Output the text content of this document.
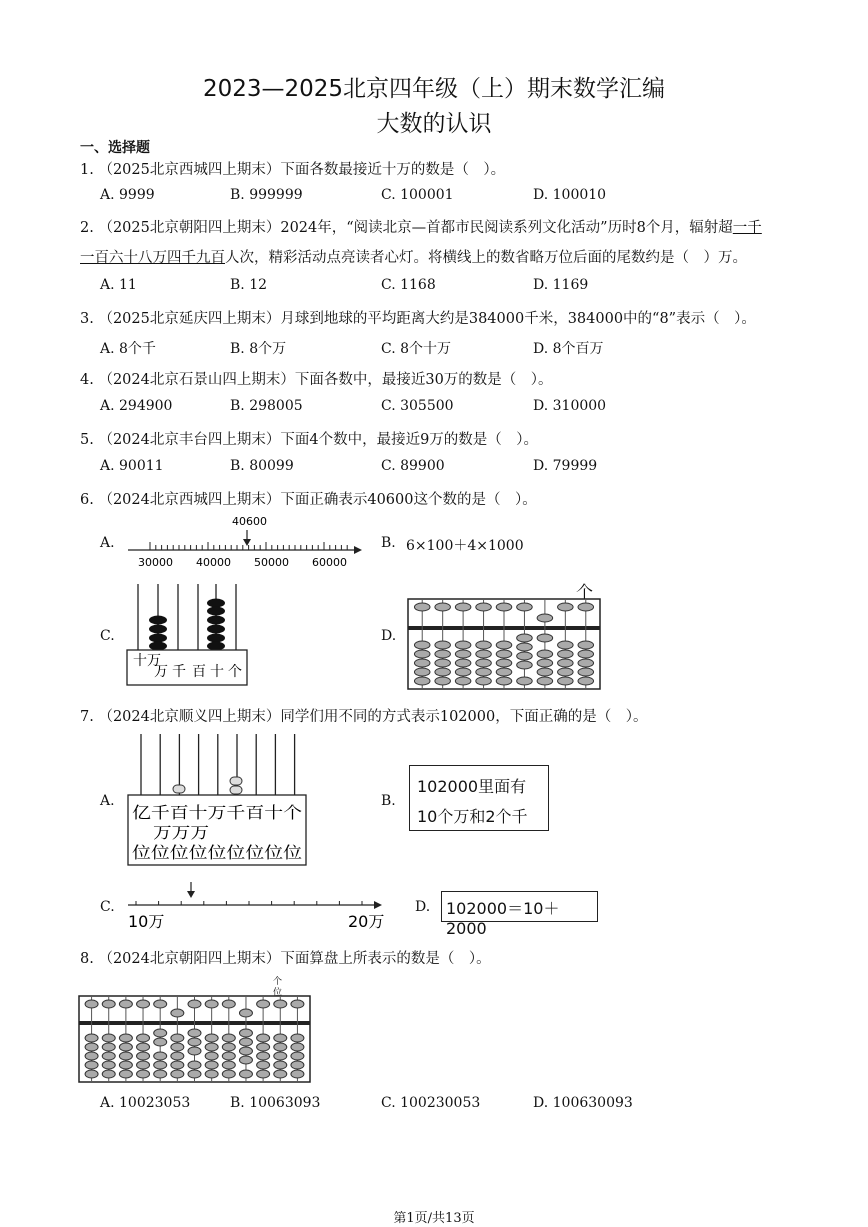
2023—2025北京四年级（上）期末数学汇编
大数的认识
一、选择题
1. （2025北京西城四上期末）下面各数最接近十万的数是（　）。
A. 9999	B. 999999	C. 100001	D. 100010
2. （2025北京朝阳四上期末）2024年，“阅读北京—首都市民阅读系列文化活动”历时8个月，辐射超一千
一百六十八万四千九百人次，精彩活动点亮读者心灯。将横线上的数省略万位后面的尾数约是（　）万。
A. 11	B. 12	C. 1168	D. 1169
3. （2025北京延庆四上期末）月球到地球的平均距离大约是384000千米，384000中的“8”表示（　）。
A. 8个千	B. 8个万	C. 8个十万	D. 8个百万
4. （2024北京石景山四上期末）下面各数中，最接近30万的数是（　）。
A. 294900	B. 298005	C. 305500	D. 310000
5. （2024北京丰台四上期末）下面4个数中，最接近9万的数是（　）。
A. 90011	B. 80099	C. 89900	D. 79999
6. （2024北京西城四上期末）下面正确表示40600这个数的是（　）。
A.
40600
30000 40000 50000 60000
B. 6×100＋4×1000
C.
十万
万 千 百 十 个
D.
个
7. （2024北京顺义四上期末）同学们用不同的方式表示102000，下面正确的是（　）。
A.
亿千百十万千百十个
万万万
位位位位位位位位位
B.
102000里面有
10个万和2个千
C.
10万	20万
D. 102000＝10＋2000
8. （2024北京朝阳四上期末）下面算盘上所表示的数是（　）。
个
位
A. 10023053	B. 10063093	C. 100230053	D. 100630093
第1页/共13页
